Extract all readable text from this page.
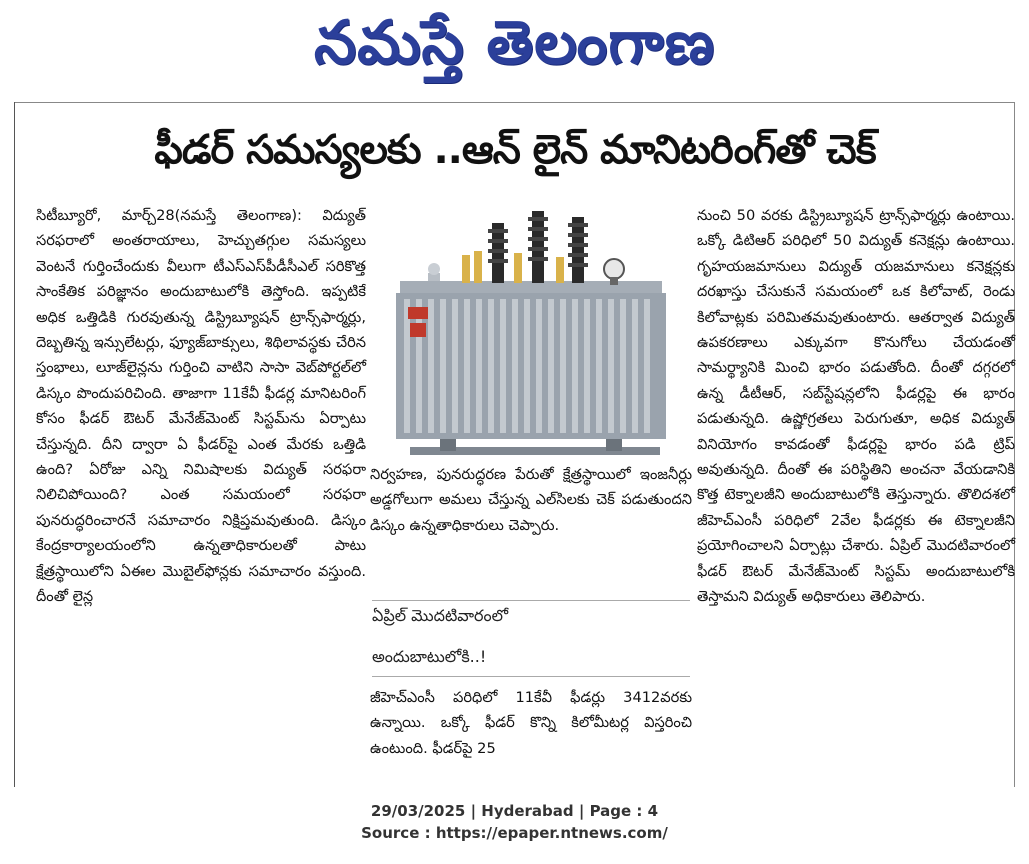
నమస్తే తెలంగాణ
ఫీడర్ సమస్యలకు ..ఆన్ లైన్ మానిటరింగ్‌తో చెక్

సిటీబ్యూరో, మార్చ్28(నమస్తే తెలంగాణ): విద్యుత్ సరఫరాలో అంతరాయాలు, హెచ్చుతగ్గుల సమస్యలు వెంటనే గుర్తించేందుకు వీలుగా టీఎస్ఎస్‌పీడీసీఎల్ సరికొత్త సాంకేతిక పరిజ్ఞానం అందుబాటులోకి తెస్తోంది. ఇప్పటికే అధిక ఒత్తిడికి గురవుతున్న డిస్ట్రిబ్యూషన్ ట్రాన్స్‌ఫార్మర్లు, దెబ్బతిన్న ఇన్సులేటర్లు, ఫ్యూజ్‌బాక్సులు, శిథిలావస్థకు చేరిన స్తంభాలు, లూజ్‌లైన్లను గుర్తించి వాటిని సాసా వెబ్‌పోర్టల్‌లో డిస్కం పొందుపరిచింది. తాజాగా 11కేవీ ఫీడర్ల మానిటరింగ్ కోసం ఫీడర్ ఔటర్ మేనేజ్‌మెంట్ సిస్టమ్‌ను ఏర్పాటు చేస్తున్నది. దీని ద్వారా ఏ ఫీడర్‌పై ఎంత మేరకు ఒత్తిడి ఉంది? ఏరోజు ఎన్ని నిమిషాలకు విద్యుత్ సరఫరా నిలిచిపోయింది? ఎంత సమయంలో సరఫరా పునరుద్ధరించారనే సమాచారం నిక్షిప్తమవుతుంది. డిస్కం కేంద్రకార్యాలయంలోని ఉన్నతాధికారులతో పాటు క్షేత్రస్థాయిలోని ఏఈల మొబైల్‌ఫోన్లకు సమాచారం వస్తుంది. దీంతో లైన్ల

నిర్వహణ, పునరుద్ధరణ పేరుతో క్షేత్రస్థాయిలో ఇంజనీర్లు అడ్డగోలుగా అమలు చేస్తున్న ఎల్‌సిలకు చెక్ పడుతుందని డిస్కం ఉన్నతాధికారులు చెప్పారు.

ఏప్రిల్ మొదటివారంలో
అందుబాటులోకి..!

జీహెచ్‌ఎంసీ పరిధిలో 11కేవీ ఫీడర్లు 3412వరకు ఉన్నాయి. ఒక్కో ఫీడర్ కొన్ని కిలోమీటర్ల విస్తరించి ఉంటుంది. ఫీడర్‌పై 25

నుంచి 50 వరకు డిస్ట్రిబ్యూషన్ ట్రాన్స్‌ఫార్మర్లు ఉంటాయి. ఒక్కో డిటిఆర్ పరిధిలో 50 విద్యుత్ కనెక్షన్లు ఉంటాయి. గృహయజమానులు విద్యుత్ యజమానులు కనెక్షన్లకు దరఖాస్తు చేసుకునే సమయంలో ఒక కిలోవాట్, రెండు కిలోవాట్లకు పరిమితమవుతుంటారు. ఆతర్వాత విద్యుత్ ఉపకరణాలు ఎక్కువగా కొనుగోలు చేయడంతో సామర్థ్యానికి మించి భారం పడుతోంది. దీంతో దగ్గరలో ఉన్న డీటీఆర్, సబ్‌స్టేషన్లలోని ఫీడర్లపై ఈ భారం పడుతున్నది. ఉష్ణోగ్రతలు పెరుగుతూ, అధిక విద్యుత్ వినియోగం కావడంతో ఫీడర్లపై భారం పడి ట్రిప్ అవుతున్నది. దీంతో ఈ పరిస్థితిని అంచనా వేయడానికి కొత్త టెక్నాలజీని అందుబాటులోకి తెస్తున్నారు. తొలిదశలో జీహెచ్‌ఎంసీ పరిధిలో 2వేల ఫీడర్లకు ఈ టెక్నాలజీని ప్రయోగించాలని ఏర్పాట్లు చేశారు. ఏప్రిల్ మొదటివారంలో ఫీడర్ ఔటర్ మేనేజ్‌మెంట్ సిస్టమ్ అందుబాటులోకి తెస్తామని విద్యుత్ అధికారులు తెలిపారు.

29/03/2025 | Hyderabad | Page : 4
Source : https://epaper.ntnews.com/
